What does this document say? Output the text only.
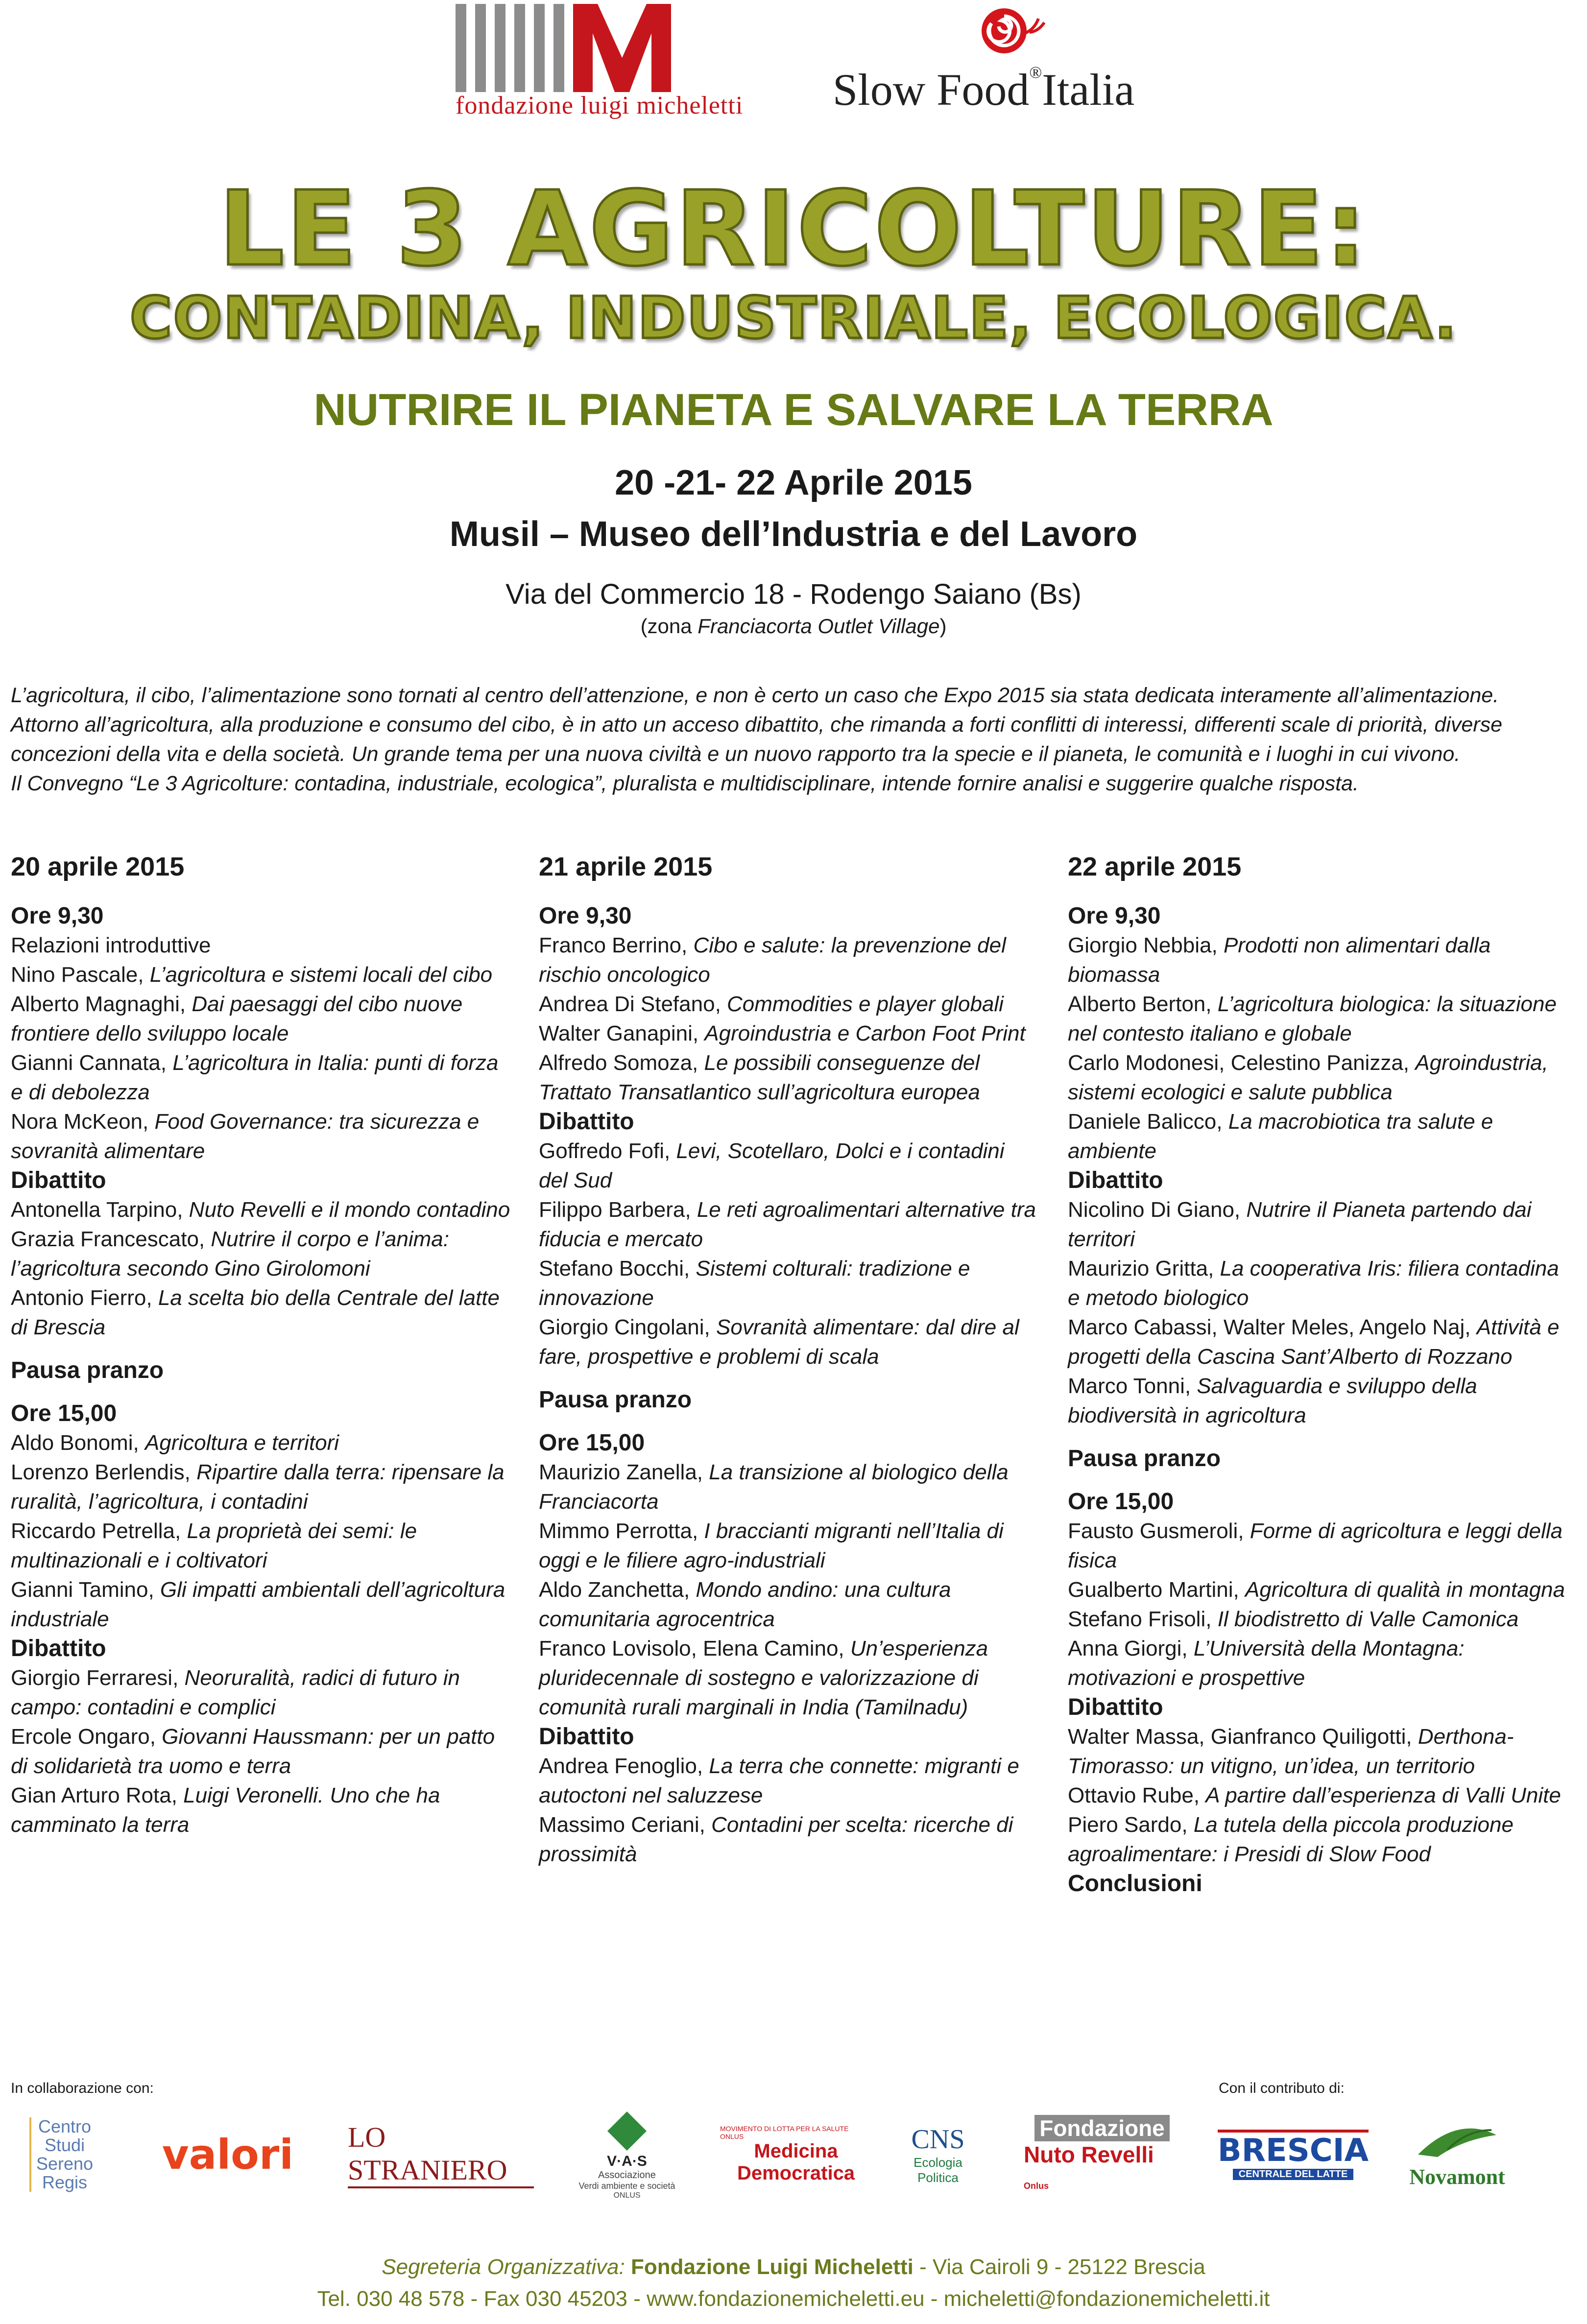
fondazione luigi micheletti Slow Food®Italia
LE 3 AGRICOLTURE:
CONTADINA, INDUSTRIALE, ECOLOGICA.
NUTRIRE IL PIANETA E SALVARE LA TERRA
20 -21- 22 Aprile 2015
Musil – Museo dell’Industria e del Lavoro
Via del Commercio 18 - Rodengo Saiano (Bs)
(zona Franciacorta Outlet Village)

L’agricoltura, il cibo, l’alimentazione sono tornati al centro dell’attenzione, e non è certo un caso che Expo 2015 sia stata dedicata interamente all’alimentazione.

Attorno all’agricoltura, alla produzione e consumo del cibo, è in atto un acceso dibattito, che rimanda a forti conflitti di interessi, differenti scale di priorità, diverse

concezioni della vita e della società. Un grande tema per una nuova civiltà e un nuovo rapporto tra la specie e il pianeta, le comunità e i luoghi in cui vivono.

Il Convegno “Le 3 Agricolture: contadina, industriale, ecologica”, pluralista e multidisciplinare, intende fornire analisi e suggerire qualche risposta.

20 aprile 2015
Ore 9,30
Relazioni introduttive
Nino Pascale, L’agricoltura e sistemi locali del cibo
Alberto Magnaghi, Dai paesaggi del cibo nuove frontiere dello sviluppo locale
Gianni Cannata, L’agricoltura in Italia: punti di forza e di debolezza
Nora McKeon, Food Governance: tra sicurezza e sovranità alimentare
Dibattito
Antonella Tarpino, Nuto Revelli e il mondo contadino
Grazia Francescato, Nutrire il corpo e l’anima: l’agricoltura secondo Gino Girolomoni
Antonio Fierro, La scelta bio della Centrale del latte di Brescia
Pausa pranzo
Ore 15,00
Aldo Bonomi, Agricoltura e territori
Lorenzo Berlendis, Ripartire dalla terra: ripensare la ruralità, l’agricoltura, i contadini
Riccardo Petrella, La proprietà dei semi: le multinazionali e i coltivatori
Gianni Tamino, Gli impatti ambientali dell’agricoltura industriale
Dibattito
Giorgio Ferraresi, Neoruralità, radici di futuro in campo: contadini e complici
Ercole Ongaro, Giovanni Haussmann: per un patto di solidarietà tra uomo e terra
Gian Arturo Rota, Luigi Veronelli. Uno che ha camminato la terra
21 aprile 2015
Ore 9,30
Franco Berrino, Cibo e salute: la prevenzione del rischio oncologico
Andrea Di Stefano, Commodities e player globali
Walter Ganapini, Agroindustria e Carbon Foot Print
Alfredo Somoza, Le possibili conseguenze del Trattato Transatlantico sull’agricoltura europea
Dibattito
Goffredo Fofi, Levi, Scotellaro, Dolci e i contadini del Sud
Filippo Barbera, Le reti agroalimentari alternative tra fiducia e mercato
Stefano Bocchi, Sistemi colturali: tradizione e innovazione
Giorgio Cingolani, Sovranità alimentare: dal dire al fare, prospettive e problemi di scala
Pausa pranzo
Ore 15,00
Maurizio Zanella, La transizione al biologico della Franciacorta
Mimmo Perrotta, I braccianti migranti nell’Italia di oggi e le filiere agro-industriali
Aldo Zanchetta, Mondo andino: una cultura comunitaria agrocentrica
Franco Lovisolo, Elena Camino, Un’esperienza pluridecennale di sostegno e valorizzazione di comunità rurali marginali in India (Tamilnadu)
Dibattito
Andrea Fenoglio, La terra che connette: migranti e autoctoni nel saluzzese
Massimo Ceriani, Contadini per scelta: ricerche di prossimità
22 aprile 2015
Ore 9,30
Giorgio Nebbia, Prodotti non alimentari dalla biomassa
Alberto Berton, L’agricoltura biologica: la situazione nel contesto italiano e globale
Carlo Modonesi, Celestino Panizza, Agroindustria, sistemi ecologici e salute pubblica
Daniele Balicco, La macrobiotica tra salute e ambiente
Dibattito
Nicolino Di Giano, Nutrire il Pianeta partendo dai territori
Maurizio Gritta, La cooperativa Iris: filiera contadina e metodo biologico
Marco Cabassi, Walter Meles, Angelo Naj, Attività e progetti della Cascina Sant’Alberto di Rozzano
Marco Tonni, Salvaguardia e sviluppo della biodiversità in agricoltura
Pausa pranzo
Ore 15,00
Fausto Gusmeroli, Forme di agricoltura e leggi della fisica
Gualberto Martini, Agricoltura di qualità in montagna
Stefano Frisoli, Il biodistretto di Valle Camonica
Anna Giorgi, L’Università della Montagna: motivazioni e prospettive
Dibattito
Walter Massa, Gianfranco Quiligotti, Derthona-Timorasso: un vitigno, un’idea, un territorio
Ottavio Rube, A partire dall’esperienza di Valli Unite
Piero Sardo, La tutela della piccola produzione agroalimentare: i Presidi di Slow Food
Conclusioni
In collaborazione con:	Con il contributo di:
Centro
Studi
Sereno
Regis
valori LO STRANIERO	V·A·S
Associazione
Verdi ambiente e società
ONLUS
MOVIMENTO DI LOTTA PER LA SALUTE ONLUS
Medicina
Democratica
CNS
Ecologia
Politica
Fondazione
Nuto Revelli Onlus
BRESCIA
CENTRALE DEL LATTE	Novamont
Segreteria Organizzativa: Fondazione Luigi Micheletti - Via Cairoli 9 - 25122 Brescia
Tel. 030 48 578 - Fax 030 45203 - www.fondazionemicheletti.eu - micheletti@fondazionemicheletti.it
